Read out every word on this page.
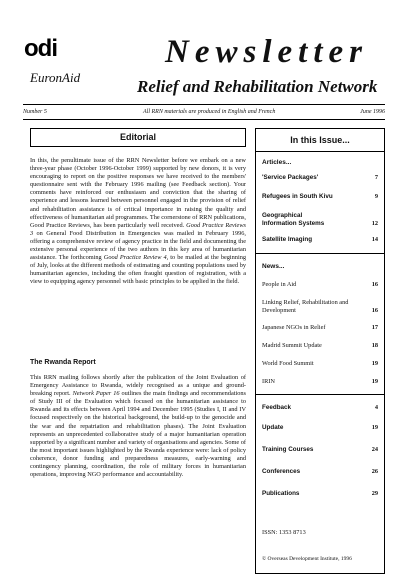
odi
EuronAid
Newsletter
Relief and Rehabilitation Network
Number 5	All RRN materials are produced in English and French	June 1996
Editorial
In this, the penultimate issue of the RRN Newsletter before we embark on a new three-year phase (October 1996-October 1999) supported by new donors, it is very encouraging to report on the positive responses we have received to the members' questionnaire sent with the February 1996 mailing (see Feedback section). Your comments have reinforced our enthusiasm and conviction that the sharing of experience and lessons learned between personnel engaged in the provision of relief and rehabilitation assistance is of critical importance in raising the quality and effectiveness of humanitarian aid programmes. The cornerstone of RRN publications, Good Practice Reviews, has been particularly well received. Good Practice Reviews 3 on General Food Distribution in Emergencies was mailed in February 1996, offering a comprehensive review of agency practice in the field and documenting the extensive personal experience of the two authors in this key area of humanitarian assistance. The forthcoming Good Practice Review 4, to be mailed at the beginning of July, looks at the different methods of estimating and counting populations used by humanitarian agencies, including the often fraught question of registration, with a view to equipping agency personnel with basic principles to be applied in the field.
The Rwanda Report
This RRN mailing follows shortly after the publication of the Joint Evaluation of Emergency Assistance to Rwanda, widely recognised as a unique and ground-breaking report. Network Paper 16 outlines the main findings and recommendations of Study III of the Evaluation which focused on the humanitarian assistance to Rwanda and its effects between April 1994 and December 1995 (Studies I, II and IV focused respectively on the historical background, the build-up to the genocide and the war and the repatriation and rehabilitation phases). The Joint Evaluation represents an unprecedented collaborative study of a major humanitarian operation supported by a significant number and variety of organisations and agencies. Some of the most important issues highlighted by the Rwanda experience were: lack of policy coherence, donor funding and preparedness measures, early-warning and contingency planning, coordination, the role of military forces in humanitarian operations, improving NGO performance and accountability.
In this Issue...
Articles...
'Service Packages'	7
Refugees in South Kivu	9
Geographical Information Systems	12
Satellite Imaging	14
News...
People in Aid	16
Linking Relief, Rehabilitation and Development	16
Japanese NGOs in Relief	17
Madrid Summit Update	18
World Food Summit	19
IRIN	19
Feedback	4
Update	19
Training Courses	24
Conferences	26
Publications	29
ISSN: 1353 8713
© Overseas Development Institute, 1996
